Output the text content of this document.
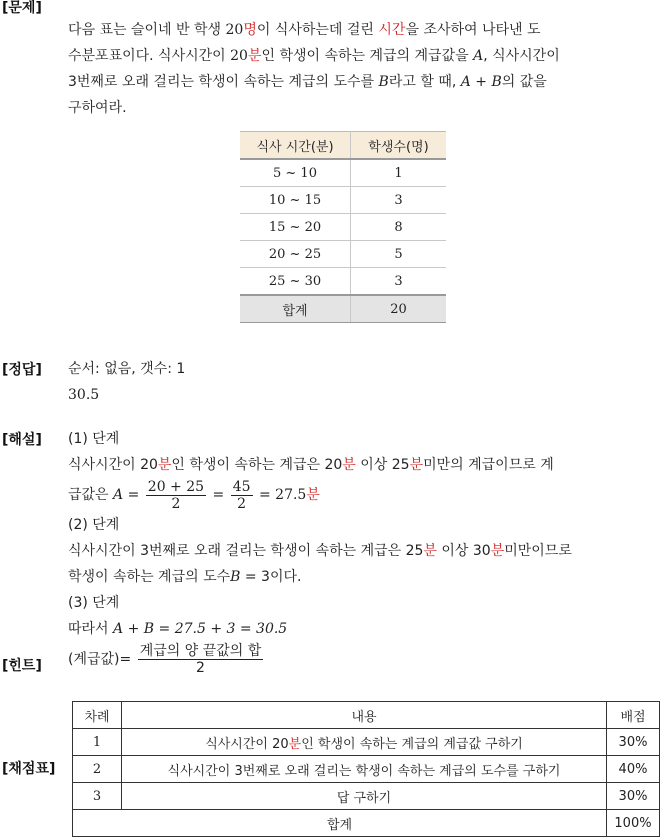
[문제]
다음 표는 슬이네 반 학생 20명이 식사하는데 걸린 시간을 조사하여 나타낸 도
수분포표이다. 식사시간이 20분인 학생이 속하는 계급의 계급값을 A, 식사시간이
3번째로 오래 걸리는 학생이 속하는 계급의 도수를 B라고 할 때, A + B의 값을
구하여라.
식사 시간(분)	학생수(명)
5 ~ 10	1
10 ~ 15	3
15 ~ 20	8
20 ~ 25	5
25 ~ 30	3
합계	20
[정답] 순서: 없음, 갯수: 1
30.5
[해설] (1) 단계
식사시간이 20분인 학생이 속하는 계급은 20분 이상 25분미만의 계급이므로 계
급값은 $A = \frac{20 + 25}{2} = \frac{45}{2} = 27.5$분
(2) 단계
식사시간이 3번째로 오래 걸리는 학생이 속하는 계급은 25분 이상 30분미만이므로
학생이 속하는 계급의 도수B = 3이다.
(3) 단계
따라서 A + B = 27.5 + 3 = 30.5
[힌트] (계급값)= $\frac{\text{계급의 양 끝값의 합}}{2}$
[채점표]
차례	내용	배점
1	식사시간이 20분인 학생이 속하는 계급의 계급값 구하기	30%
2	식사시간이 3번째로 오래 걸리는 학생이 속하는 계급의 도수를 구하기	40%
3	답 구하기	30%
합계		100%
